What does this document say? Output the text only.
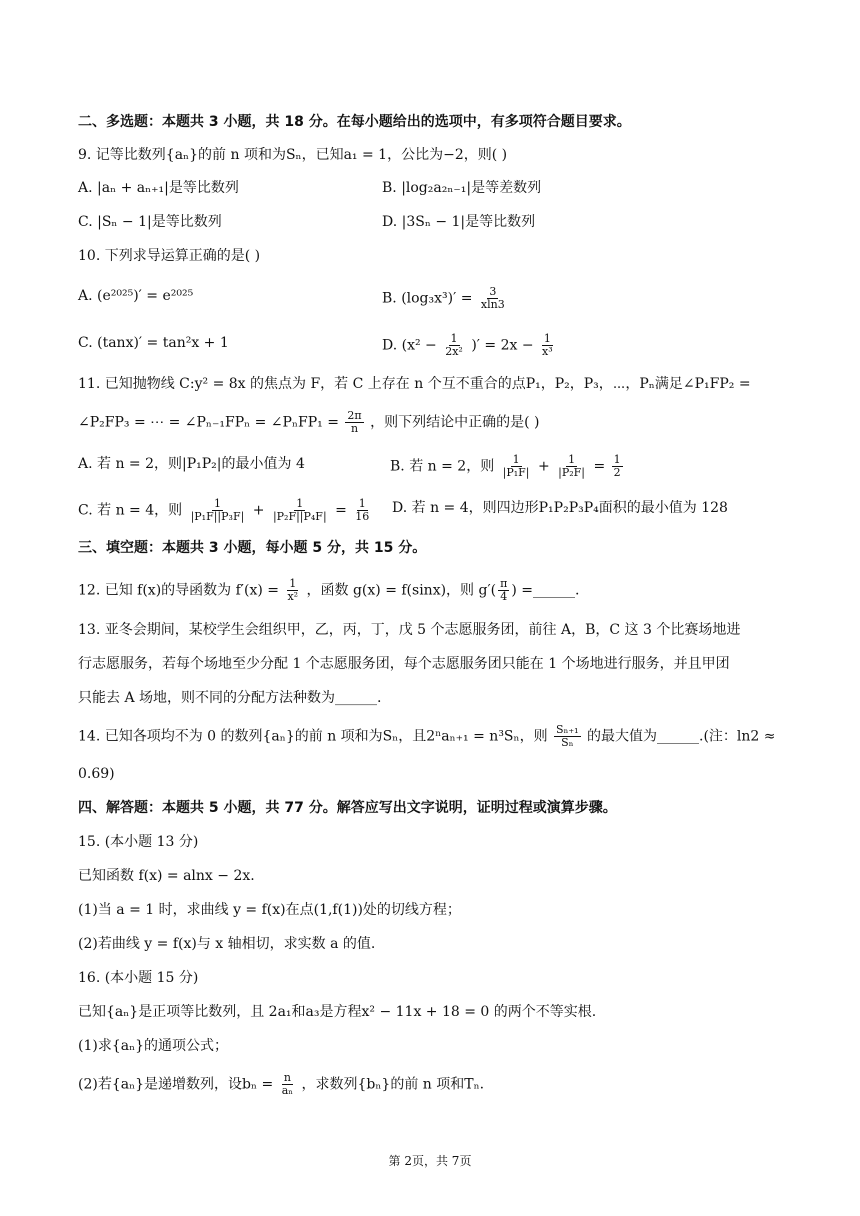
二、多选题：本题共 3 小题，共 18 分。在每小题给出的选项中，有多项符合题目要求。
9. 记等比数列{aₙ}的前 n 项和为Sₙ，已知a₁ = 1，公比为−2，则( )
A. |aₙ + aₙ₊₁|是等比数列	B. |log₂a₂ₙ₋₁|是等差数列
C. |Sₙ − 1|是等比数列	D. |3Sₙ − 1|是等比数列
10. 下列求导运算正确的是( )
A. (e²⁰²⁵)′ = e²⁰²⁵	B. $(\log_3x^3)' = \frac{3}{xln3}$
C. (tanx)′ = tan²x + 1	D. ($x^2 - \frac{1}{\text{2x²}}$ )′ = $2x - \frac{1}{\text{x³}}$
11. 已知抛物线 C:y² = 8x 的焦点为 F，若 C 上存在 n 个互不重合的点P₁，P₂，P₃，⋯，Pₙ满足∠P₁FP₂ =
∠P₂FP₃ = ⋯ = ∠Pₙ₋₁FPₙ = ∠PₙFP₁ = $\frac{2\pi}{n}$ ，则下列结论中正确的是( )
A. 若 n = 2，则|P₁P₂|的最小值为 4	B. 若 n = 2，则 $\frac{1}{\text{|P₁F|}} + \frac{1}{\text{|P₂F|}} = \frac{1}{2}$
C. 若 n = 4，则 $\frac{1}{\text{|P₁F||P₃F|}} + \frac{1}{\text{|P₂F||P₄F|}} = \frac{1}{16} D$. 若 n = 4，则四边形P₁P₂P₃P₄面积的最小值为 128
三、填空题：本题共 3 小题，每小题 5 分，共 15 分。
12. 已知 f(x)的导函数为 $f'(x) = \frac{1}{\text{x²}}$ ，函数 g(x) = f(sinx)，则 $g'( \frac{\pi}{4}$ ) =______.
13. 亚冬会期间，某校学生会组织甲，乙，丙，丁，戊 5 个志愿服务团，前往 A，B，C 这 3 个比赛场地进
行志愿服务，若每个场地至少分配 1 个志愿服务团，每个志愿服务团只能在 1 个场地进行服务，并且甲团
只能去 A 场地，则不同的分配方法种数为______.
14. 已知各项均不为 0 的数列{aₙ}的前 n 项和为Sₙ，且2ⁿaₙ₊₁ = n³Sₙ，则 $\frac{\text{Sₙ₊₁}}{\text{Sₙ}}$ 的最大值为______.(注：ln2 ≈
0.69)
四、解答题：本题共 5 小题，共 77 分。解答应写出文字说明，证明过程或演算步骤。
15. (本小题 13 分)
已知函数 f(x) = alnx − 2x.
(1)当 a = 1 时，求曲线 y = f(x)在点(1,f(1))处的切线方程；
(2)若曲线 y = f(x)与 x 轴相切，求实数 a 的值.
16. (本小题 15 分)
已知{aₙ}是正项等比数列，且 2a₁和a₃是方程x² − 11x + 18 = 0 的两个不等实根.
(1)求{aₙ}的通项公式；
(2)若{aₙ}是递增数列，设$b_n = \frac{n}{\text{aₙ}}$ ，求数列{bₙ}的前 n 项和Tₙ.
第 2页，共 7页
